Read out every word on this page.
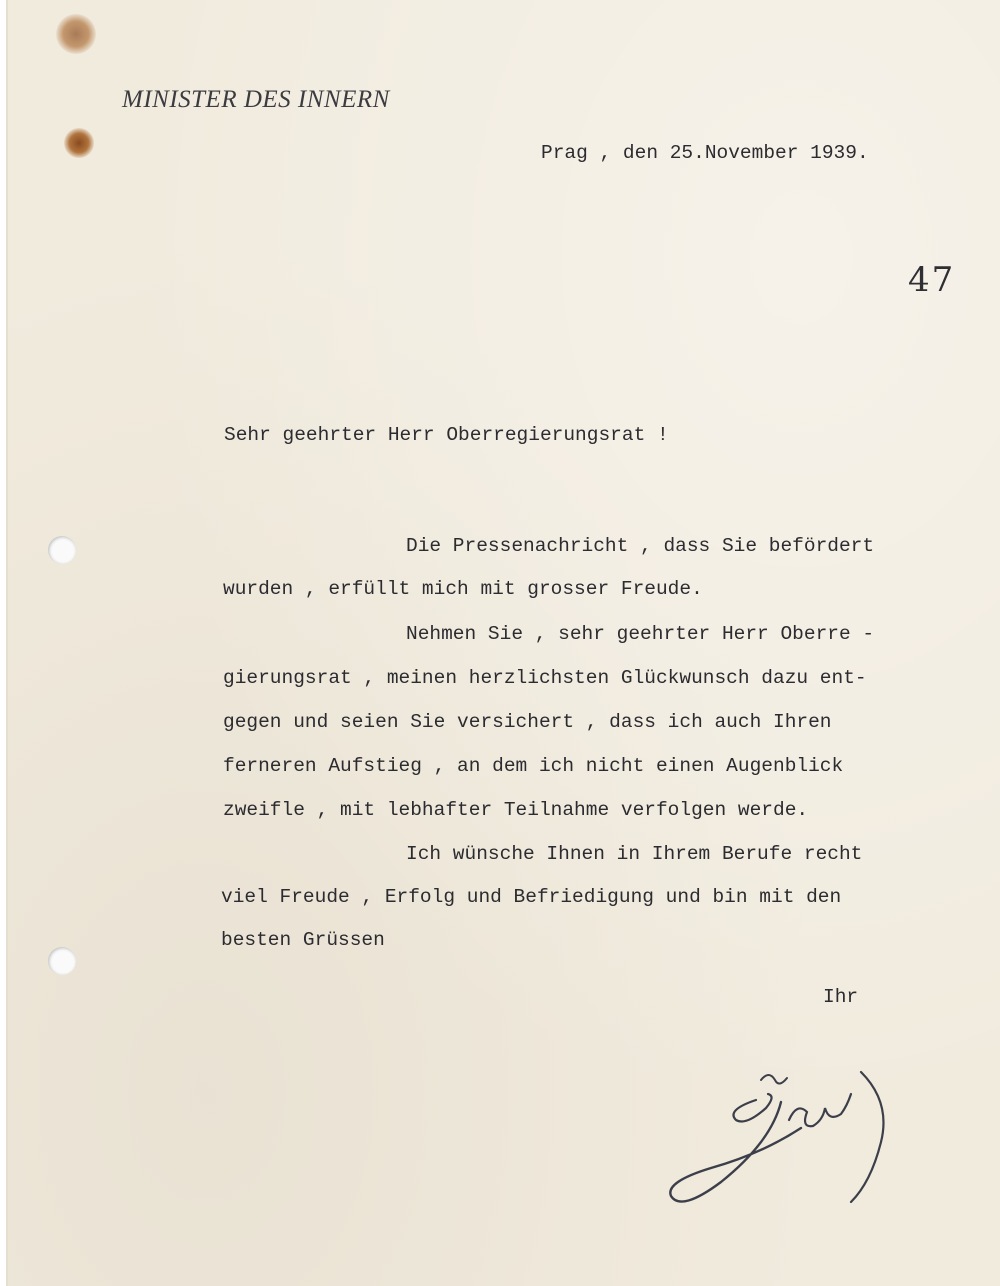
MINISTER DES INNERN
Prag , den 25.November 1939.
47
Sehr geehrter Herr Oberregierungsrat !
Die Pressenachricht , dass Sie befördert
wurden , erfüllt mich mit grosser Freude.
Nehmen Sie , sehr geehrter Herr Oberre -
gierungsrat , meinen herzlichsten Glückwunsch dazu ent-
gegen und seien Sie versichert , dass ich auch Ihren
ferneren Aufstieg , an dem ich nicht einen Augenblick
zweifle , mit lebhafter Teilnahme verfolgen werde.
Ich wünsche Ihnen in Ihrem Berufe recht
viel Freude , Erfolg und Befriedigung und bin mit den
besten Grüssen
Ihr
